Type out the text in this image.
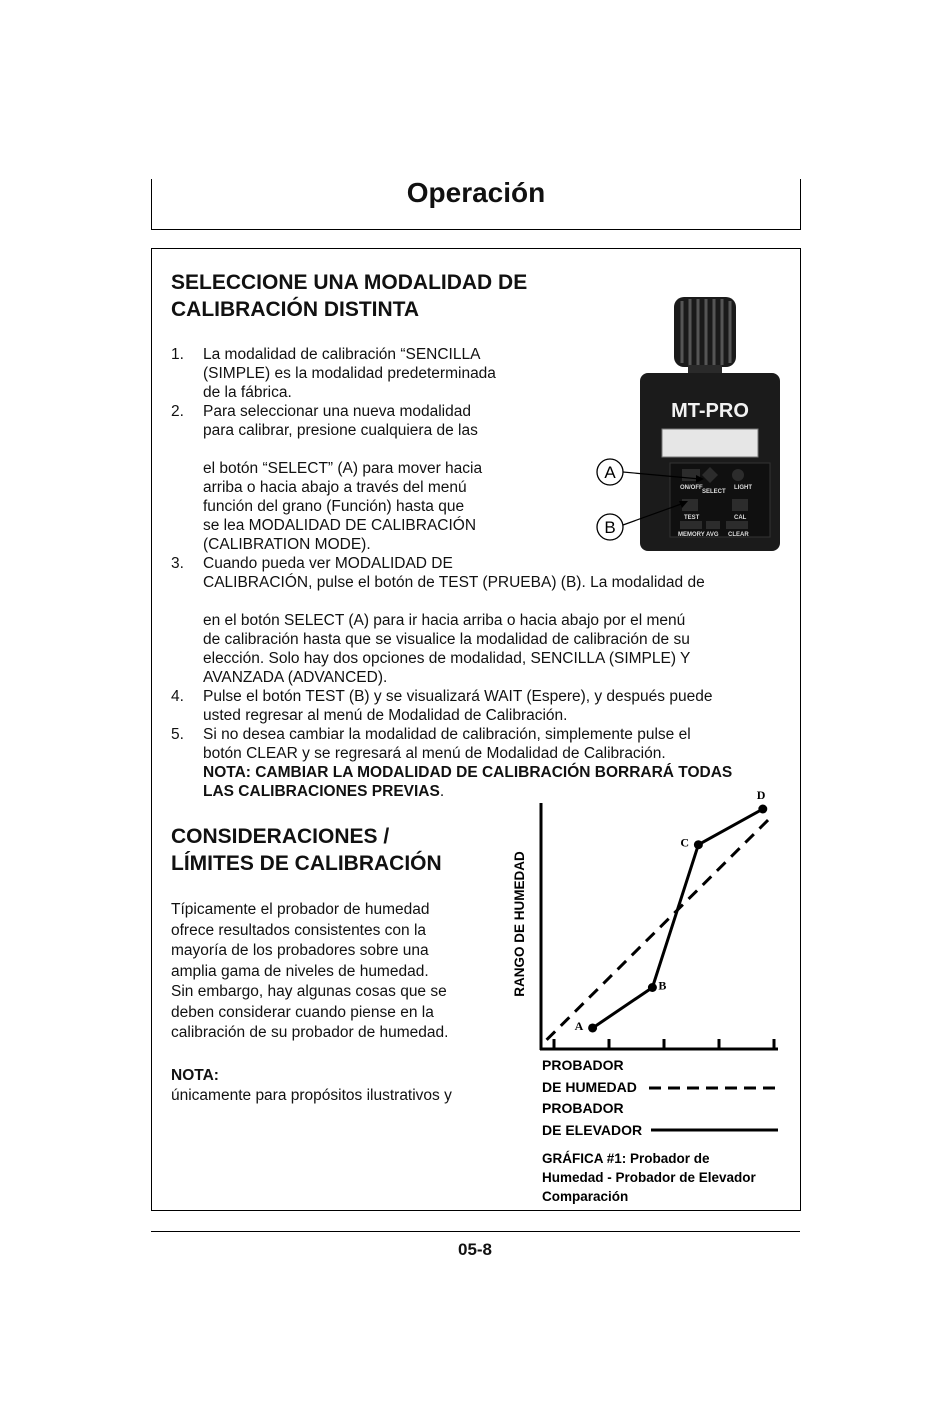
Operación
SELECCIONE UNA MODALIDAD DE
CALIBRACIÓN DISTINTA
1. La modalidad de calibración “SENCILLA
(SIMPLE) es la modalidad predeterminada
de la fábrica.
2. Para seleccionar una nueva modalidad
para calibrar, presione cualquiera de las
el botón “SELECT” (A) para mover hacia
arriba o hacia abajo a través del menú
función del grano (Función) hasta que
se lea MODALIDAD DE CALIBRACIÓN
(CALIBRATION MODE).
3. Cuando pueda ver MODALIDAD DE
CALIBRACIÓN, pulse el botón de TEST (PRUEBA) (B). La modalidad de
en el botón SELECT (A) para ir hacia arriba o hacia abajo por el menú
de calibración hasta que se visualice la modalidad de calibración de su
elección. Solo hay dos opciones de modalidad, SENCILLA (SIMPLE) Y
AVANZADA (ADVANCED).
4. Pulse el botón TEST (B) y se visualizará WAIT (Espere), y después puede
usted regresar al menú de Modalidad de Calibración.
5. Si no desea cambiar la modalidad de calibración, simplemente pulse el
botón CLEAR y se regresará al menú de Modalidad de Calibración.
NOTA: CAMBIAR LA MODALIDAD DE CALIBRACIÓN BORRARÁ TODAS
LAS CALIBRACIONES PREVIAS.
MT-PRO
ON/OFF
SELECT
LIGHT
TEST	CAL
MEMORY AVG CLEAR
A
B
CONSIDERACIONES /
LÍMITES DE CALIBRACIÓN

Típicamente el probador de humedad
ofrece resultados consistentes con la
mayoría de los probadores sobre una
amplia gama de niveles de humedad.
Sin embargo, hay algunas cosas que se
deben considerar cuando piense en la
calibración de su probador de humedad.

NOTA:
únicamente para propósitos ilustrativos y
RANGO DE HUMEDAD
A
B
C
D
PROBADOR
DE HUMEDAD
PROBADOR
DE ELEVADOR
GRÁFICA #1: Probador de
Humedad - Probador de Elevador
Comparación
05-8
